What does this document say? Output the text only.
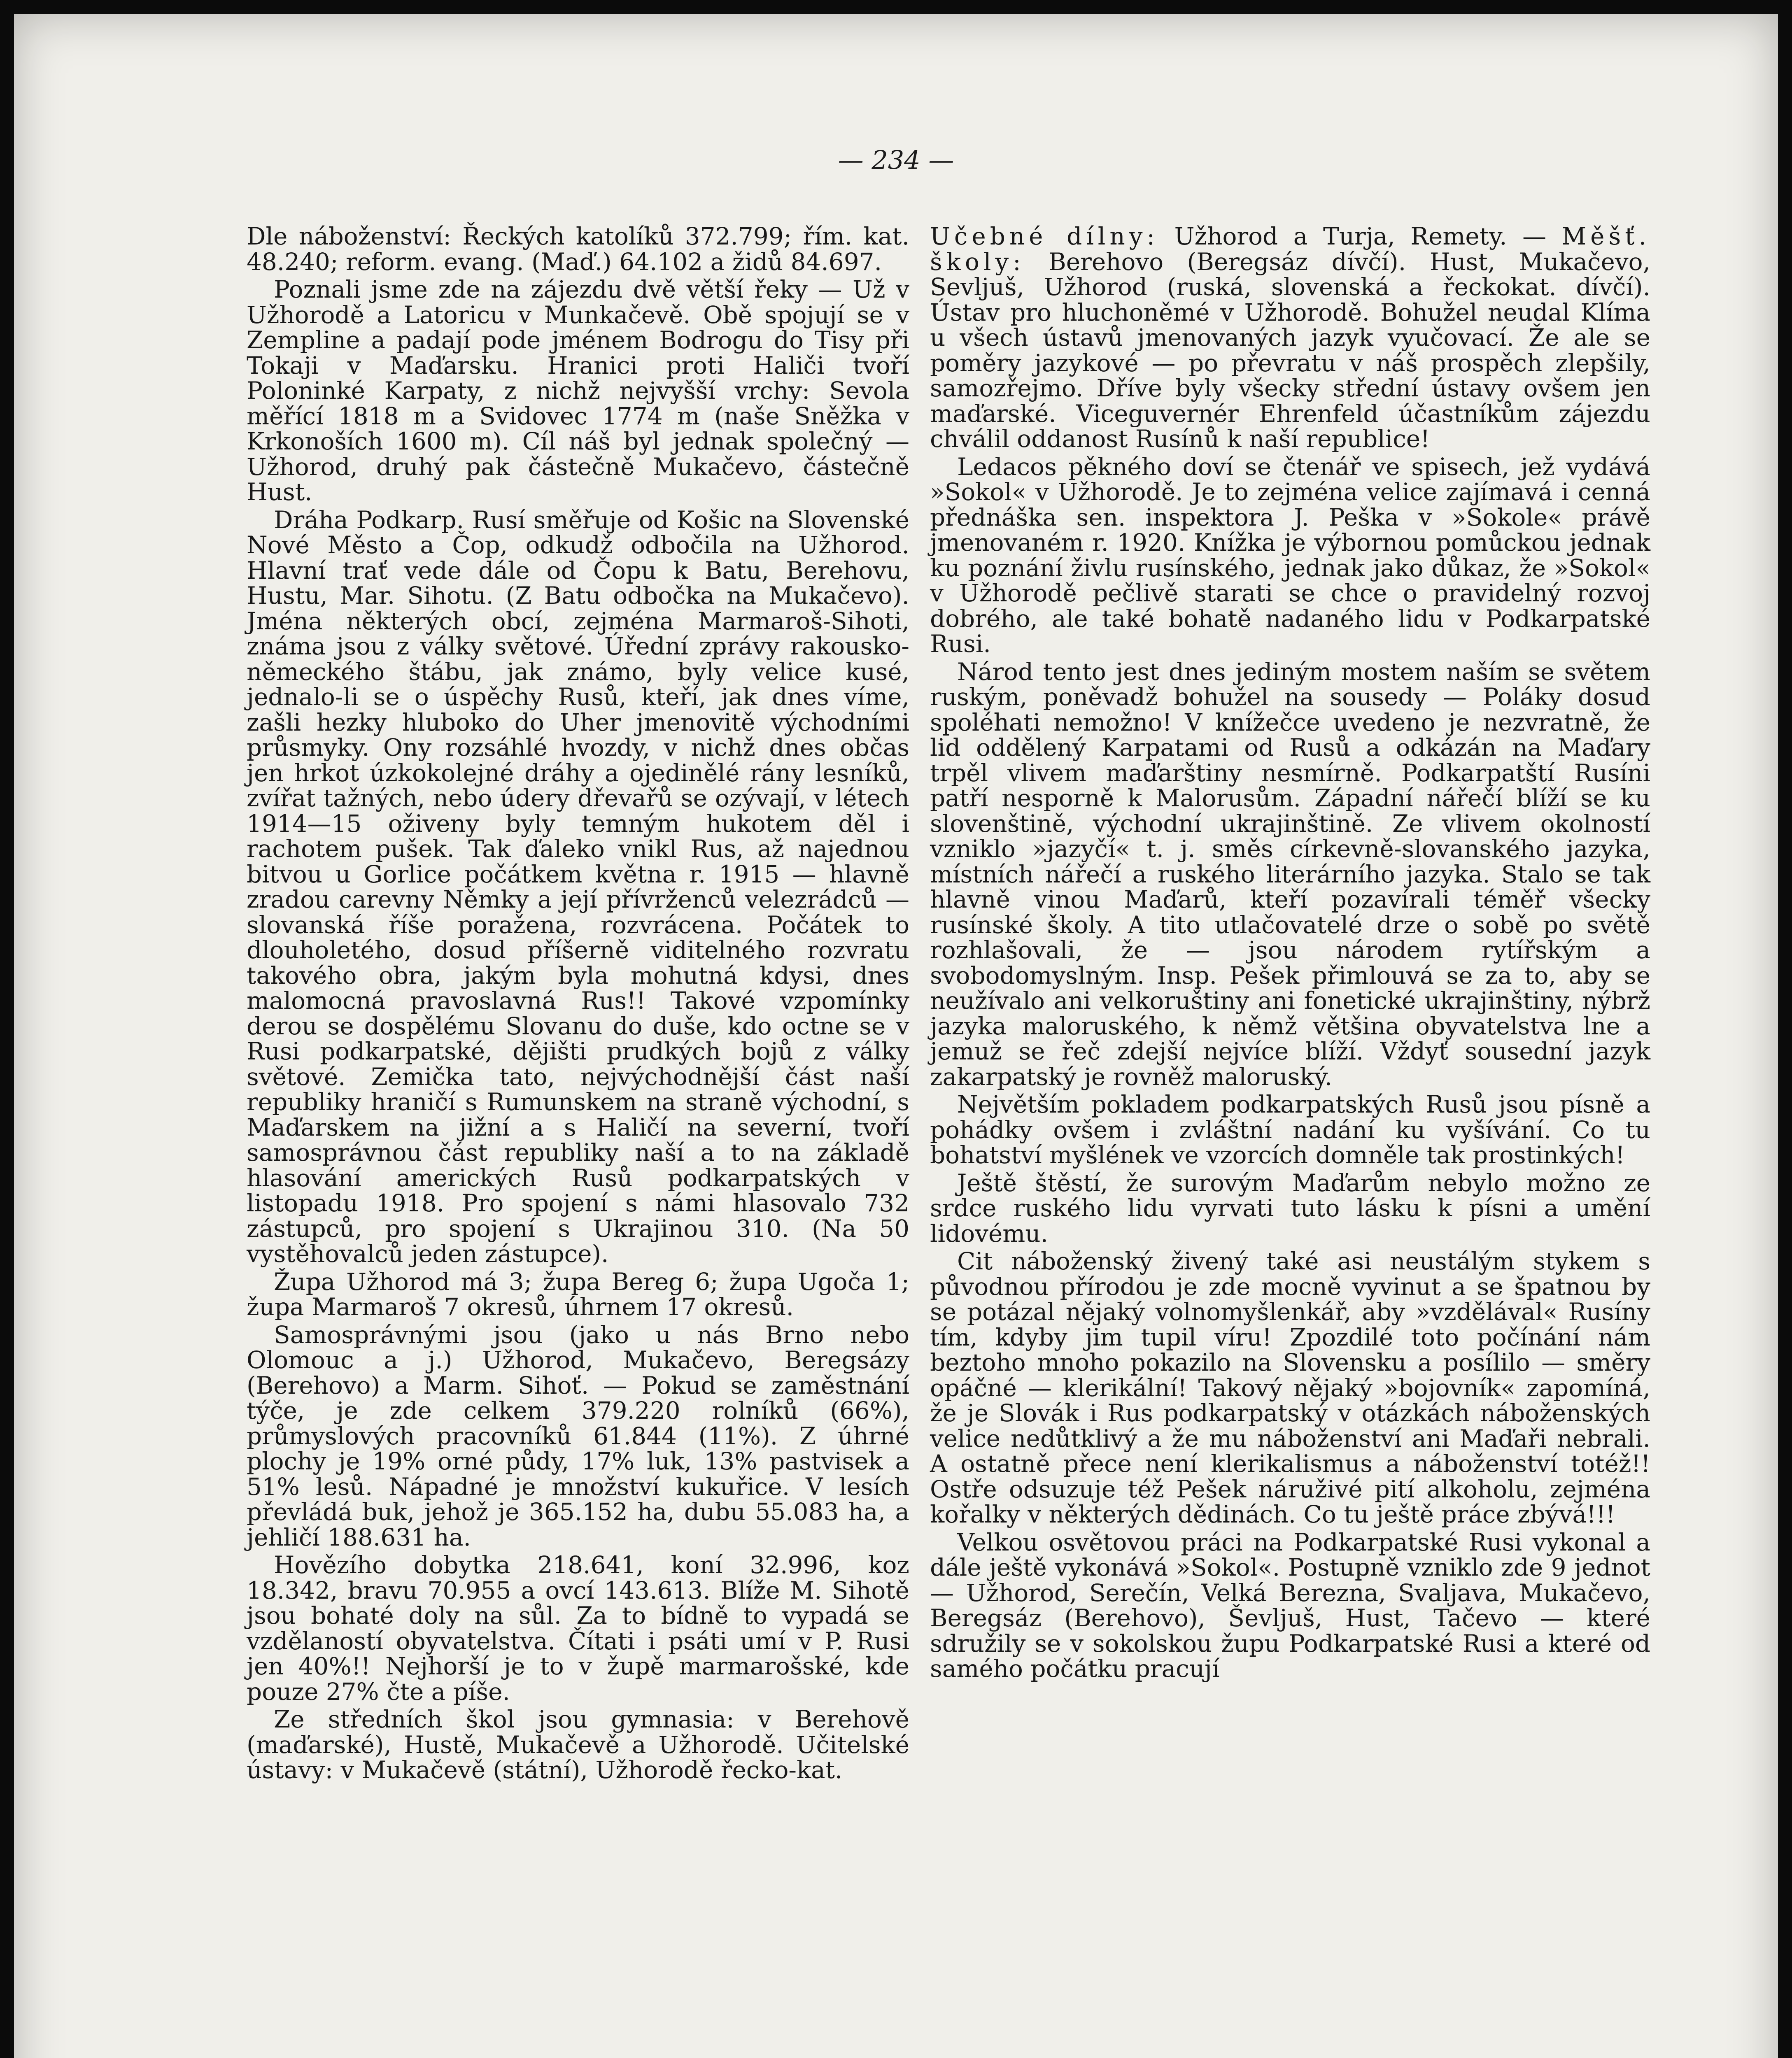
— 234 —

Dle náboženství: Řeckých katolíků 372.799; řím. kat. 48.240; reform. evang. (Maď.) 64.102 a židů 84.697.

Poznali jsme zde na zájezdu dvě větší řeky — Už v Užhorodě a Latoricu v Munkačevě. Obě spojují se v Zempline a padají pode jménem Bodrogu do Tisy při Tokaji v Maďarsku. Hranici proti Haliči tvoří Poloninké Karpaty, z nichž nejvyšší vrchy: Sevola měřící 1818 m a Svidovec 1774 m (naše Sněžka v Krkonoších 1600 m). Cíl náš byl jednak společný — Užhorod, druhý pak částečně Mukačevo, částečně Hust.

Dráha Podkarp. Rusí směřuje od Košic na Slovenské Nové Město a Čop, odkudž odbočila na Užhorod. Hlavní trať vede dále od Čopu k Batu, Berehovu, Hustu, Mar. Sihotu. (Z Batu odbočka na Mukačevo). Jména některých obcí, zejména Marmaroš-Sihoti, známa jsou z války světové. Úřední zprávy rakousko-německého štábu, jak známo, byly velice kusé, jednalo-li se o úspěchy Rusů, kteří, jak dnes víme, zašli hezky hluboko do Uher jmenovitě východními průsmyky. Ony rozsáhlé hvozdy, v nichž dnes občas jen hrkot úzkokolejné dráhy a ojedinělé rány lesníků, zvířat tažných, nebo údery dřevařů se ozývají, v létech 1914—15 oživeny byly temným hukotem děl i rachotem pušek. Tak ďaleko vnikl Rus, až najednou bitvou u Gorlice počátkem května r. 1915 — hlavně zradou carevny Němky a její přívrženců velezrádců — slovanská říše poražena, rozvrácena. Počátek to dlouholetého, dosud příšerně viditelného rozvratu takového obra, jakým byla mohutná kdysi, dnes malomocná pravoslavná Rus!! Takové vzpomínky derou se dospělému Slovanu do duše, kdo octne se v Rusi podkarpatské, dějišti prudkých bojů z války světové. Zemička tato, nejvýchodnější část naší republiky hraničí s Rumunskem na straně východní, s Maďarskem na jižní a s Haličí na severní, tvoří samosprávnou část republiky naší a to na základě hlasování amerických Rusů podkarpatských v listopadu 1918. Pro spojení s námi hlasovalo 732 zástupců, pro spojení s Ukrajinou 310. (Na 50 vystěhovalců jeden zástupce).

Župa Užhorod má 3; župa Bereg 6; župa Ugoča 1; župa Marmaroš 7 okresů, úhrnem 17 okresů.

Samosprávnými jsou (jako u nás Brno nebo Olomouc a j.) Užhorod, Mukačevo, Beregsázy (Berehovo) a Marm. Sihoť. — Pokud se zaměstnání týče, je zde celkem 379.220 rolníků (66%), průmyslových pracovníků 61.844 (11%). Z úhrné plochy je 19% orné půdy, 17% luk, 13% pastvisek a 51% lesů. Nápadné je množství kukuřice. V lesích převládá buk, jehož je 365.152 ha, dubu 55.083 ha, a jehličí 188.631 ha.

Hovězího dobytka 218.641, koní 32.996, koz 18.342, bravu 70.955 a ovcí 143.613. Blíže M. Sihotě jsou bohaté doly na sůl. Za to bídně to vypadá se vzdělaností obyvatelstva. Čítati i psáti umí v P. Rusi jen 40%!! Nejhorší je to v župě marmarošské, kde pouze 27% čte a píše.

Ze středních škol jsou gymnasia: v Berehově (maďarské), Hustě, Mukačevě a Užhorodě. Učitelské ústavy: v Mukačevě (státní), Užhorodě řecko-kat.

Učebné dílny: Užhorod a Turja, Remety. — Měšť. školy: Berehovo (Beregsáz dívčí). Hust, Mukačevo, Sevljuš, Užhorod (ruská, slovenská a řeckokat. dívčí). Ústav pro hluchoněmé v Užhorodě. Bohužel neudal Klíma u všech ústavů jmenovaných jazyk vyučovací. Že ale se poměry jazykové — po převratu v náš prospěch zlepšily, samozřejmo. Dříve byly všecky střední ústavy ovšem jen maďarské. Viceguvernér Ehrenfeld účastníkům zájezdu chválil oddanost Rusínů k naší republice!

Ledacos pěkného doví se čtenář ve spisech, jež vydává »Sokol« v Užhorodě. Je to zejména velice zajímavá i cenná přednáška sen. inspektora J. Peška v »Sokole« právě jmenovaném r. 1920. Knížka je výbornou pomůckou jednak ku poznání živlu rusínského, jednak jako důkaz, že »Sokol« v Užhorodě pečlivě starati se chce o pravidelný rozvoj dobrého, ale také bohatě nadaného lidu v Podkarpatské Rusi.

Národ tento jest dnes jediným mostem naším se světem ruským, poněvadž bohužel na sousedy — Poláky dosud spoléhati nemožno! V knížečce uvedeno je nezvratně, že lid oddělený Karpatami od Rusů a odkázán na Maďary trpěl vlivem maďarštiny nesmírně. Podkarpatští Rusíni patří nesporně k Malorusům. Západní nářečí blíží se ku slovenštině, východní ukrajinštině. Ze vlivem okolností vzniklo »jazyčí« t. j. směs církevně-slovanského jazyka, místních nářečí a ruského literárního jazyka. Stalo se tak hlavně vinou Maďarů, kteří pozavírali téměř všecky rusínské školy. A tito utlačovatelé drze o sobě po světě rozhlašovali, že — jsou národem rytířským a svobodomyslným. Insp. Pešek přimlouvá se za to, aby se neužívalo ani velkoruštiny ani fonetické ukrajinštiny, nýbrž jazyka maloruského, k němž většina obyvatelstva lne a jemuž se řeč zdejší nejvíce blíží. Vždyť sousední jazyk zakarpatský je rovněž maloruský.

Největším pokladem podkarpatských Rusů jsou písně a pohádky ovšem i zvláštní nadání ku vyšívání. Co tu bohatství myšlének ve vzorcích domněle tak prostinkých!

Ještě štěstí, že surovým Maďarům nebylo možno ze srdce ruského lidu vyrvati tuto lásku k písni a umění lidovému.

Cit náboženský živený také asi neustálým stykem s původnou přírodou je zde mocně vyvinut a se špatnou by se potázal nějaký volnomyšlenkář, aby »vzdělával« Rusíny tím, kdyby jim tupil víru! Zpozdilé toto počínání nám beztoho mnoho pokazilo na Slovensku a posílilo — směry opáčné — klerikální! Takový nějaký »bojovník« zapomíná, že je Slovák i Rus podkarpatský v otázkách náboženských velice nedůtklivý a že mu náboženství ani Maďaři nebrali. A ostatně přece není klerikalismus a náboženství totéž!! Ostře odsuzuje též Pešek náruživé pití alkoholu, zejména kořalky v některých dědinách. Co tu ještě práce zbývá!!!

Velkou osvětovou práci na Podkarpatské Rusi vykonal a dále ještě vykonává »Sokol«. Postupně vzniklo zde 9 jednot — Užhorod, Serečín, Velká Berezna, Svaljava, Mukačevo, Beregsáz (Berehovo), Ševljuš, Hust, Tačevo — které sdružily se v sokolskou župu Podkarpatské Rusi a které od samého počátku pracují
